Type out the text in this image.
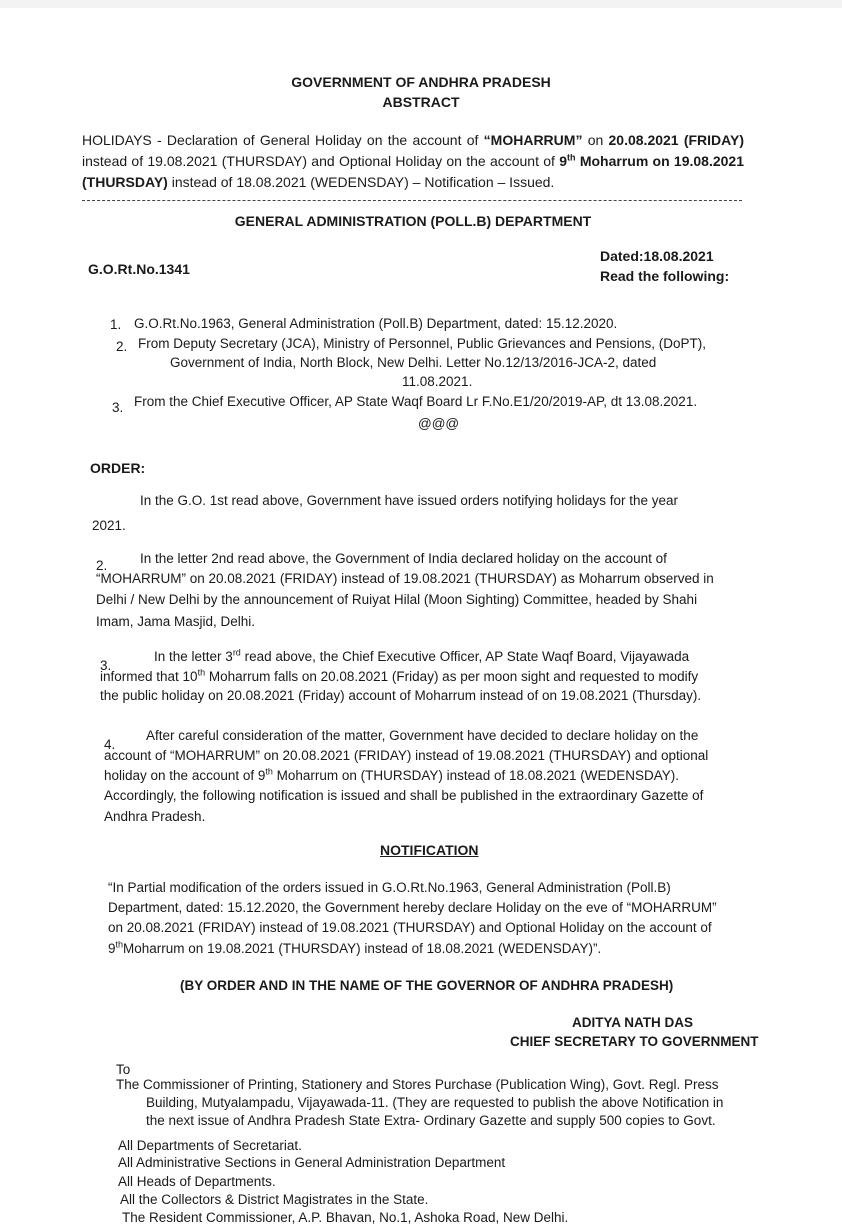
GOVERNMENT OF ANDHRA PRADESH
ABSTRACT
HOLIDAYS - Declaration of General Holiday on the account of “MOHARRUM” on 20.08.2021 (FRIDAY) instead of 19.08.2021 (THURSDAY) and Optional Holiday on the account of 9th Moharrum on 19.08.2021 (THURSDAY) instead of 18.08.2021 (WEDENSDAY) – Notification – Issued.
GENERAL ADMINISTRATION (POLL.B) DEPARTMENT
G.O.Rt.No.1341
Dated:18.08.2021
Read the following:
1. G.O.Rt.No.1963, General Administration (Poll.B) Department, dated: 15.12.2020.
2. From Deputy Secretary (JCA), Ministry of Personnel, Public Grievances and Pensions, (DoPT),
Government of India, North Block, New Delhi. Letter No.12/13/2016-JCA-2, dated
11.08.2021.
3. From the Chief Executive Officer, AP State Waqf Board Lr F.No.E1/20/2019-AP, dt 13.08.2021.
@@@
ORDER:
In the G.O. 1st read above, Government have issued orders notifying holidays for the year
2021.
2. In the letter 2nd read above, the Government of India declared holiday on the account of
“MOHARRUM” on 20.08.2021 (FRIDAY) instead of 19.08.2021 (THURSDAY) as Moharrum observed in
Delhi / New Delhi by the announcement of Ruiyat Hilal (Moon Sighting) Committee, headed by Shahi
Imam, Jama Masjid, Delhi.
3.
In the letter 3rd read above, the Chief Executive Officer, AP State Waqf Board, Vijayawada
informed that 10th Moharrum falls on 20.08.2021 (Friday) as per moon sight and requested to modify
the public holiday on 20.08.2021 (Friday) account of Moharrum instead of on 19.08.2021 (Thursday).
4.
After careful consideration of the matter, Government have decided to declare holiday on the
account of “MOHARRUM” on 20.08.2021 (FRIDAY) instead of 19.08.2021 (THURSDAY) and optional
holiday on the account of 9th Moharrum on (THURSDAY) instead of 18.08.2021 (WEDENSDAY).
Accordingly, the following notification is issued and shall be published in the extraordinary Gazette of
Andhra Pradesh.
NOTIFICATION
“In Partial modification of the orders issued in G.O.Rt.No.1963, General Administration (Poll.B)
Department, dated: 15.12.2020, the Government hereby declare Holiday on the eve of “MOHARRUM”
on 20.08.2021 (FRIDAY) instead of 19.08.2021 (THURSDAY) and Optional Holiday on the account of
9thMoharrum on 19.08.2021 (THURSDAY) instead of 18.08.2021 (WEDENSDAY)”.
(BY ORDER AND IN THE NAME OF THE GOVERNOR OF ANDHRA PRADESH)
ADITYA NATH DAS
CHIEF SECRETARY TO GOVERNMENT
To
The Commissioner of Printing, Stationery and Stores Purchase (Publication Wing), Govt. Regl. Press
Building, Mutyalampadu, Vijayawada-11. (They are requested to publish the above Notification in
the next issue of Andhra Pradesh State Extra- Ordinary Gazette and supply 500 copies to Govt.
All Departments of Secretariat.
All Administrative Sections in General Administration Department
All Heads of Departments.
All the Collectors & District Magistrates in the State.
The Resident Commissioner, A.P. Bhavan, No.1, Ashoka Road, New Delhi.
